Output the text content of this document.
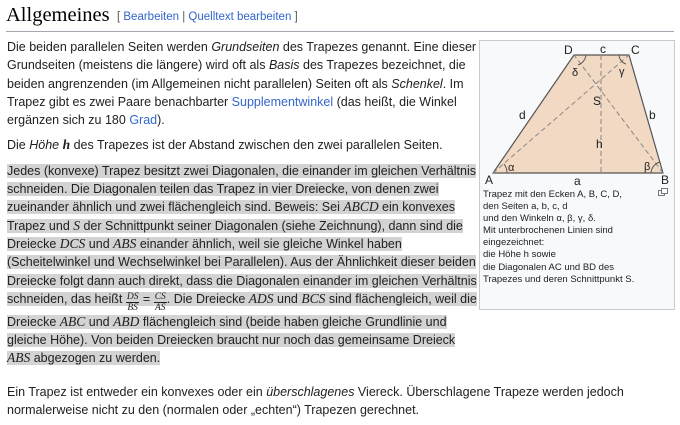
Allgemeines [ Bearbeiten | Quelltext bearbeiten ]

Die beiden parallelen Seiten werden Grundseiten des Trapezes genannt. Eine dieser Grundseiten (meistens die längere) wird oft als Basis des Trapezes bezeichnet, die beiden angrenzenden (im Allgemeinen nicht parallelen) Seiten oft als Schenkel. Im Trapez gibt es zwei Paare benachbarter Supplementwinkel (das heißt, die Winkel ergänzen sich zu 180 Grad).

Die Höhe h des Trapezes ist der Abstand zwischen den zwei parallelen Seiten.

Jedes (konvexe) Trapez besitzt zwei Diagonalen, die einander im gleichen Verhältnis schneiden. Die Diagonalen teilen das Trapez in vier Dreiecke, von denen zwei zueinander ähnlich und zwei flächengleich sind. Beweis: Sei ABCD ein konvexes Trapez und S der Schnittpunkt seiner Diagonalen (siehe Zeichnung), dann sind die Dreiecke DCS und ABS einander ähnlich, weil sie gleiche Winkel haben (Scheitelwinkel und Wechselwinkel bei Parallelen). Aus der Ähnlichkeit dieser beiden Dreiecke folgt dann auch direkt, dass die Diagonalen einander im gleichen Verhältnis schneiden, das heißt $\frac{DS}{BS} = \frac{CS}{AS}$ . Die Dreiecke ADS und BCS sind flächengleich, weil die Dreiecke ABC und ABD flächengleich sind (beide haben gleiche Grundlinie und gleiche Höhe). Von beiden Dreiecken braucht nur noch das gemeinsame Dreieck ABS abgezogen zu werden.

Ein Trapez ist entweder ein konvexes oder ein überschlagenes Viereck. Überschlagene Trapeze werden jedoch normalerweise nicht zu den (normalen oder „echten“) Trapezen gerechnet.
A	B
C
D
a
b
c
d
h
S
α	β
γ
δ
Trapez mit den Ecken A, B, C, D,
den Seiten a, b, c, d
und den Winkeln α, β, γ, δ.
Mit unterbrochenen Linien sind
eingezeichnet:
die Höhe h sowie
die Diagonalen AC und BD des
Trapezes und deren Schnittpunkt S.
